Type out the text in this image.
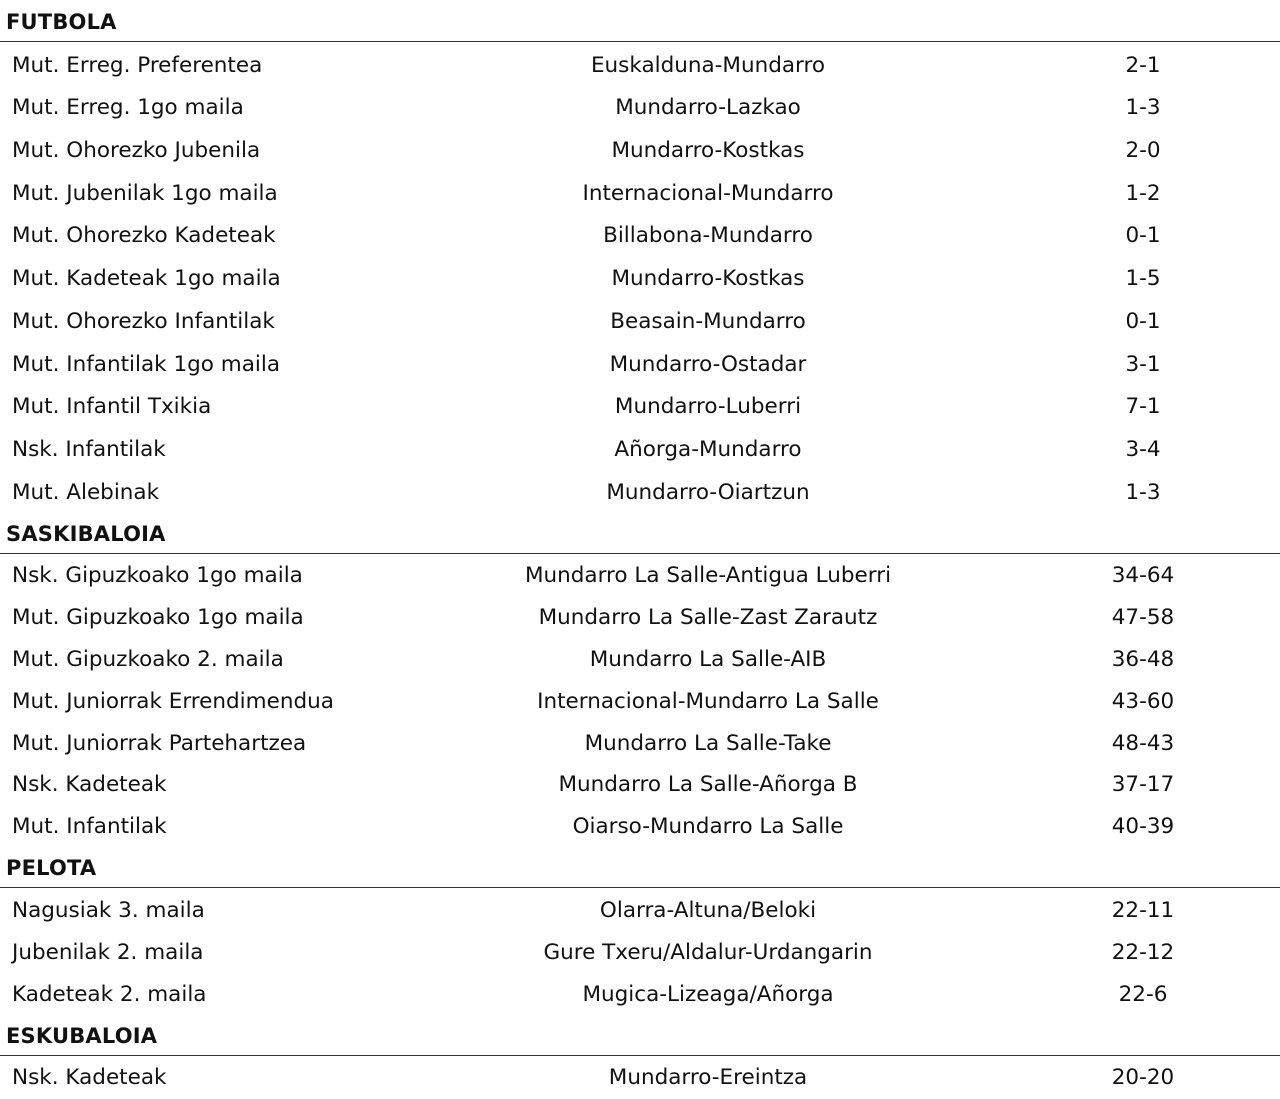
FUTBOLA
Mut. Erreg. Preferentea	Euskalduna-Mundarro	2-1
Mut. Erreg. 1go maila	Mundarro-Lazkao	1-3
Mut. Ohorezko Jubenila	Mundarro-Kostkas	2-0
Mut. Jubenilak 1go maila	Internacional-Mundarro	1-2
Mut. Ohorezko Kadeteak	Billabona-Mundarro	0-1
Mut. Kadeteak 1go maila	Mundarro-Kostkas	1-5
Mut. Ohorezko Infantilak	Beasain-Mundarro	0-1
Mut. Infantilak 1go maila	Mundarro-Ostadar	3-1
Mut. Infantil Txikia	Mundarro-Luberri	7-1
Nsk. Infantilak	Añorga-Mundarro	3-4
Mut. Alebinak	Mundarro-Oiartzun	1-3
SASKIBALOIA
Nsk. Gipuzkoako 1go maila	Mundarro La Salle-Antigua Luberri	34-64
Mut. Gipuzkoako 1go maila	Mundarro La Salle-Zast Zarautz	47-58
Mut. Gipuzkoako 2. maila	Mundarro La Salle-AIB	36-48
Mut. Juniorrak Errendimendua	Internacional-Mundarro La Salle	43-60
Mut. Juniorrak Partehartzea	Mundarro La Salle-Take	48-43
Nsk. Kadeteak	Mundarro La Salle-Añorga B	37-17
Mut. Infantilak	Oiarso-Mundarro La Salle	40-39
PELOTA
Nagusiak 3. maila	Olarra-Altuna/Beloki	22-11
Jubenilak 2. maila	Gure Txeru/Aldalur-Urdangarin	22-12
Kadeteak 2. maila	Mugica-Lizeaga/Añorga	22-6
ESKUBALOIA
Nsk. Kadeteak	Mundarro-Ereintza	20-20
